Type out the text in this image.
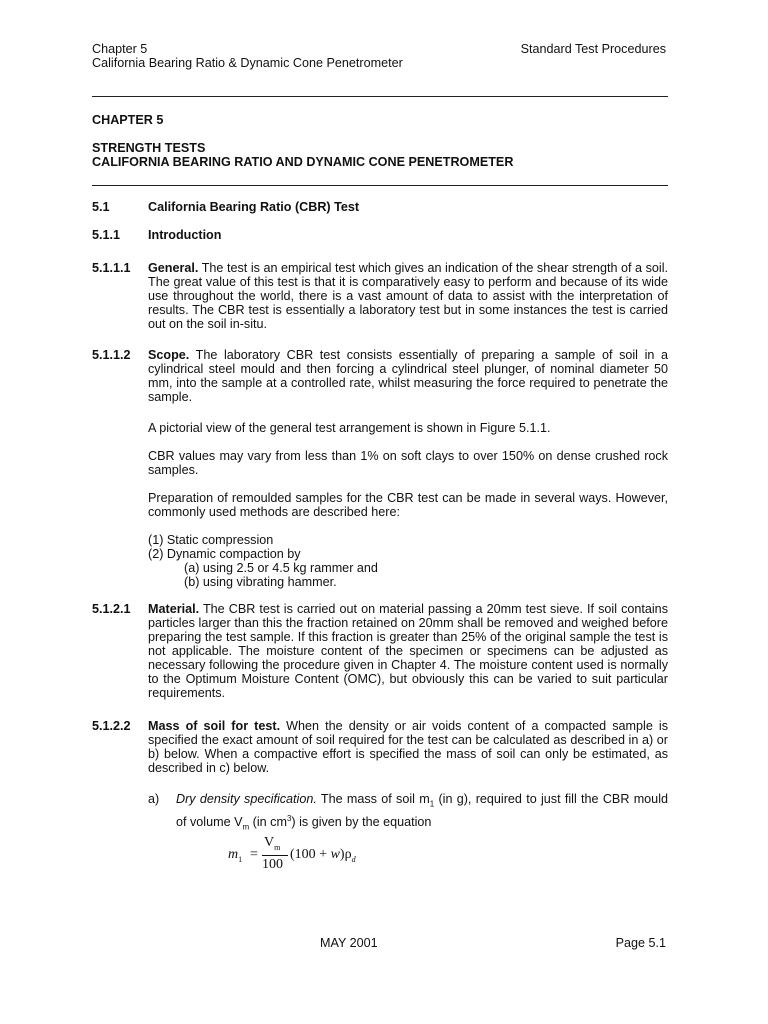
Chapter 5
California Bearing Ratio & Dynamic Cone Penetrometer
Standard Test Procedures
CHAPTER 5
STRENGTH TESTS
CALIFORNIA BEARING RATIO AND DYNAMIC CONE PENETROMETER
5.1	California Bearing Ratio (CBR) Test
5.1.1 Introduction
5.1.1.1 General. The test is an empirical test which gives an indication of the shear strength of a soil. The great value of this test is that it is comparatively easy to perform and because of its wide use throughout the world, there is a vast amount of data to assist with the interpretation of results. The CBR test is essentially a laboratory test but in some instances the test is carried out on the soil in-situ.
5.1.1.2 Scope. The laboratory CBR test consists essentially of preparing a sample of soil in a cylindrical steel mould and then forcing a cylindrical steel plunger, of nominal diameter 50 mm, into the sample at a controlled rate, whilst measuring the force required to penetrate the sample.
A pictorial view of the general test arrangement is shown in Figure 5.1.1.
CBR values may vary from less than 1% on soft clays to over 150% on dense crushed rock samples.
Preparation of remoulded samples for the CBR test can be made in several ways. However, commonly used methods are described here:
(1) Static compression
(2) Dynamic compaction by
(a) using 2.5 or 4.5 kg rammer and
(b) using vibrating hammer.
5.1.2.1 Material. The CBR test is carried out on material passing a 20mm test sieve. If soil contains particles larger than this the fraction retained on 20mm shall be removed and weighed before preparing the test sample. If this fraction is greater than 25% of the original sample the test is not applicable. The moisture content of the specimen or specimens can be adjusted as necessary following the procedure given in Chapter 4. The moisture content used is normally to the Optimum Moisture Content (OMC), but obviously this can be varied to suit particular requirements.
5.1.2.2 Mass of soil for test. When the density or air voids content of a compacted sample is specified the exact amount of soil required for the test can be calculated as described in a) or b) below. When a compactive effort is specified the mass of soil can only be estimated, as described in c) below.
a) Dry density specification. The mass of soil $m_1$ (in g), required to just fill the CBR mould of volume $V_m$ (in $cm^3$) is given by the equation
$m_1$ =
$V_m$
100
$(100 + w)\rho_d$
MAY 2001	Page 5.1
